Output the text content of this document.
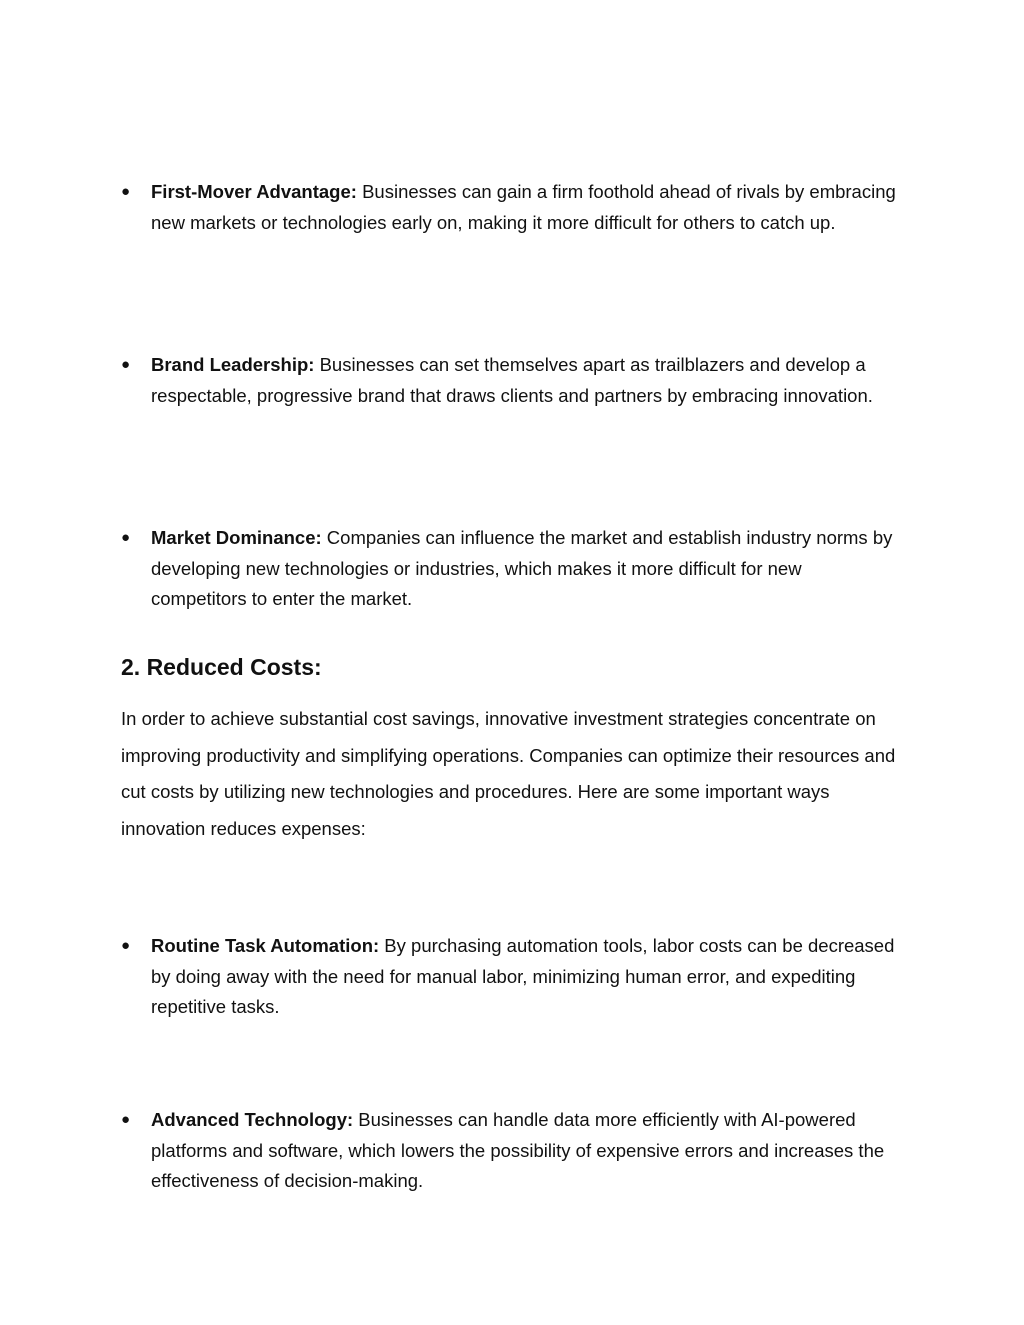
●	First-Mover Advantage: Businesses can gain a firm foothold ahead of rivals by embracing new markets or technologies early on, making it more difficult for others to catch up.
●	Brand Leadership: Businesses can set themselves apart as trailblazers and develop a respectable, progressive brand that draws clients and partners by embracing innovation.
●	Market Dominance: Companies can influence the market and establish industry norms by developing new technologies or industries, which makes it more difficult for new competitors to enter the market.
2. Reduced Costs:

In order to achieve substantial cost savings, innovative investment strategies concentrate on improving productivity and simplifying operations. Companies can optimize their resources and cut costs by utilizing new technologies and procedures. Here are some important ways innovation reduces expenses:

●	Routine Task Automation: By purchasing automation tools, labor costs can be decreased by doing away with the need for manual labor, minimizing human error, and expediting repetitive tasks.
●	Advanced Technology: Businesses can handle data more efficiently with AI-powered platforms and software, which lowers the possibility of expensive errors and increases the effectiveness of decision-making.
